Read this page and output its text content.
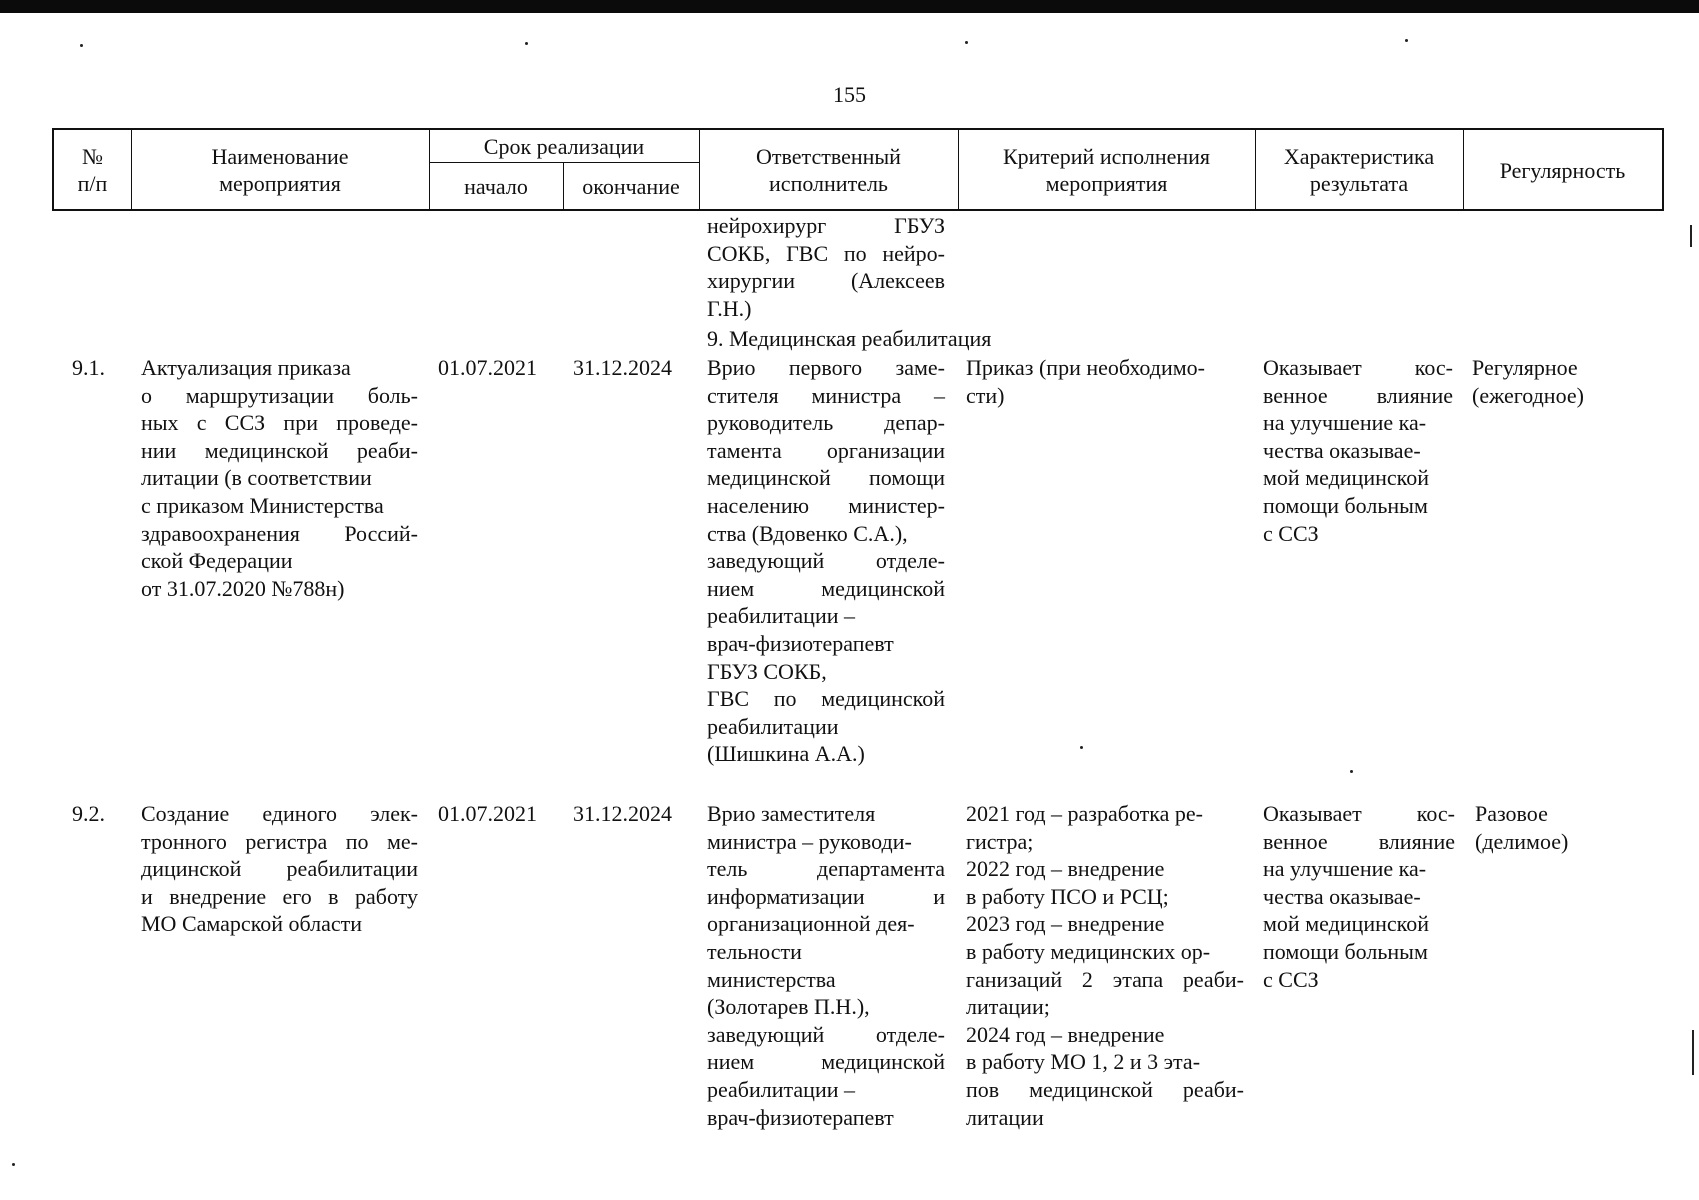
155
№
п/п
Наименование
мероприятия
Срок реализации
начало	окончание
Ответственный
исполнитель
Критерий исполнения
мероприятия
Характеристика
результата
Регулярность
нейрохирург ГБУЗ
СОКБ, ГВС по нейро-
хирургии (Алексеев
Г.Н.)
9. Медицинская реабилитация
9.1. Актуализация приказа
о маршрутизации боль-
ных с ССЗ при проведе-
нии медицинской реаби-
литации (в соответствии
с приказом Министерства
здравоохранения Россий-
ской Федерации
от 31.07.2020 №788н)
01.07.2021 31.12.2024 Врио первого заме-
стителя министра –
руководитель депар-
тамента организации
медицинской помощи
населению министер-
ства (Вдовенко С.А.),
заведующий отделе-
нием медицинской
реабилитации –
врач-физиотерапевт
ГБУЗ СОКБ,
ГВС по медицинской
реабилитации
(Шишкина А.А.)
Приказ (при необходимо-
сти)
Оказывает кос-
венное влияние
на улучшение ка-
чества оказывае-
мой медицинской
помощи больным
с ССЗ
Регулярное
(ежегодное)
9.2. Создание единого элек-
тронного регистра по ме-
дицинской реабилитации
и внедрение его в работу
МО Самарской области
01.07.2021 31.12.2024 Врио заместителя
министра – руководи-
тель департамента
информатизации и
организационной дея-
тельности
министерства
(Золотарев П.Н.),
заведующий отделе-
нием медицинской
реабилитации –
врач-физиотерапевт
2021 год – разработка ре-
гистра;
2022 год – внедрение
в работу ПСО и РСЦ;
2023 год – внедрение
в работу медицинских ор-
ганизаций 2 этапа реаби-
литации;
2024 год – внедрение
в работу МО 1, 2 и 3 эта-
пов медицинской реаби-
литации
Оказывает кос-
венное влияние
на улучшение ка-
чества оказывае-
мой медицинской
помощи больным
с ССЗ
Разовое
(делимое)
